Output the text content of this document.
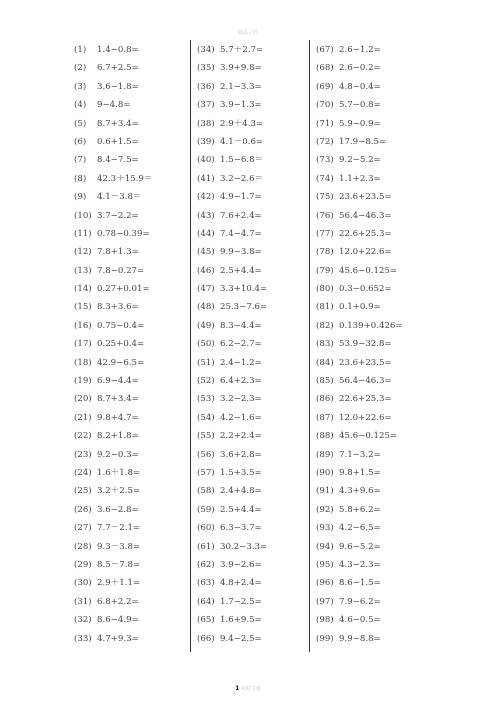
精品文档
(1) 1.4−0.8=
(2) 6.7+2.5=
(3) 3.6−1.8=
(4) 9−4.8=
(5) 8.7+3.4=
(6) 0.6+1.5=
(7) 8.4−7.5=
(8) 42.3＋15.9＝
(9) 4.1－3.8＝
(10) 3.7−2.2=
(11) 0.78−0.39=
(12) 7.8+1.3=
(13) 7.8−0.27=
(14) 0.27+0.01=
(15) 8.3+3.6=
(16) 0.75−0.4=
(17) 0.25+0.4=
(18) 42.9−6.5=
(19) 6.9−4.4=
(20) 8.7+3.4=
(21) 9.8+4.7=
(22) 8.2+1.8=
(23) 9.2−0.3=
(24) 1.6＋1.8=
(25) 3.2＋2.5=
(26) 3.6−2.8=
(27) 7.7－2.1=
(28) 9.3－3.8=
(29) 8.5－7.8=
(30) 2.9＋1.1=
(31) 6.8+2.2=
(32) 8.6−4.9=
(33) 4.7+9.3=
(34) 5.7＋2.7=
(35) 3.9+9.8=
(36) 2.1−3.3=
(37) 3.9−1.3=
(38) 2.9＋4.3=
(39) 4.1－0.6=
(40) 1.5−6.8＝
(41) 3.2−2.6＝
(42) 4.9−1.7=
(43) 7.6+2.4=
(44) 7.4−4.7=
(45) 9.9−3.8=
(46) 2.5+4.4=
(47) 3.3+10.4=
(48) 25.3−7.6=
(49) 8.3−4.4=
(50) 6.2−2.7=
(51) 2.4−1.2=
(52) 6.4+2.3=
(53) 3.2−2.3=
(54) 4.2−1.6=
(55) 2.2+2.4=
(56) 3.6+2.8=
(57) 1.5+3.5=
(58) 2.4+4.8=
(59) 2.5+4.4=
(60) 6.3−3.7=
(61) 30.2−3.3=
(62) 3.9−2.6=
(63) 4.8+2.4=
(64) 1.7−2.5=
(65) 1.6+9.5=
(66) 9.4−2.5=
(67) 2.6−1.2=
(68) 2.6−0.2=
(69) 4.8−0.4=
(70) 5.7−0.8=
(71) 5.9−0.9=
(72) 17.9−8.5=
(73) 9.2−5.2=
(74) 1.1+2.3=
(75) 23.6+23.5=
(76) 56.4−46.3=
(77) 22.6+25.3=
(78) 12.0+22.6=
(79) 45.6−0.125=
(80) 0.3−0.652=
(81) 0.1+0.9=
(82) 0.139+0.426=
(83) 53.9−32.8=
(84) 23.6+23.5=
(85) 56.4−46.3=
(86) 22.6+25.3=
(87) 12.0+22.6=
(88) 45.6−0.125=
(89) 7.1−3.2=
(90) 9.8+1.5=
(91) 4.3+9.6=
(92) 5.8+6.2=
(93) 4.2−6.5=
(94) 9.6−5.2=
(95) 4.3−2.3=
(96) 8.6−1.5=
(97) 7.9−6.2=
(98) 4.6−0.5=
(99) 9.9−8.8=
1 欢迎下载
